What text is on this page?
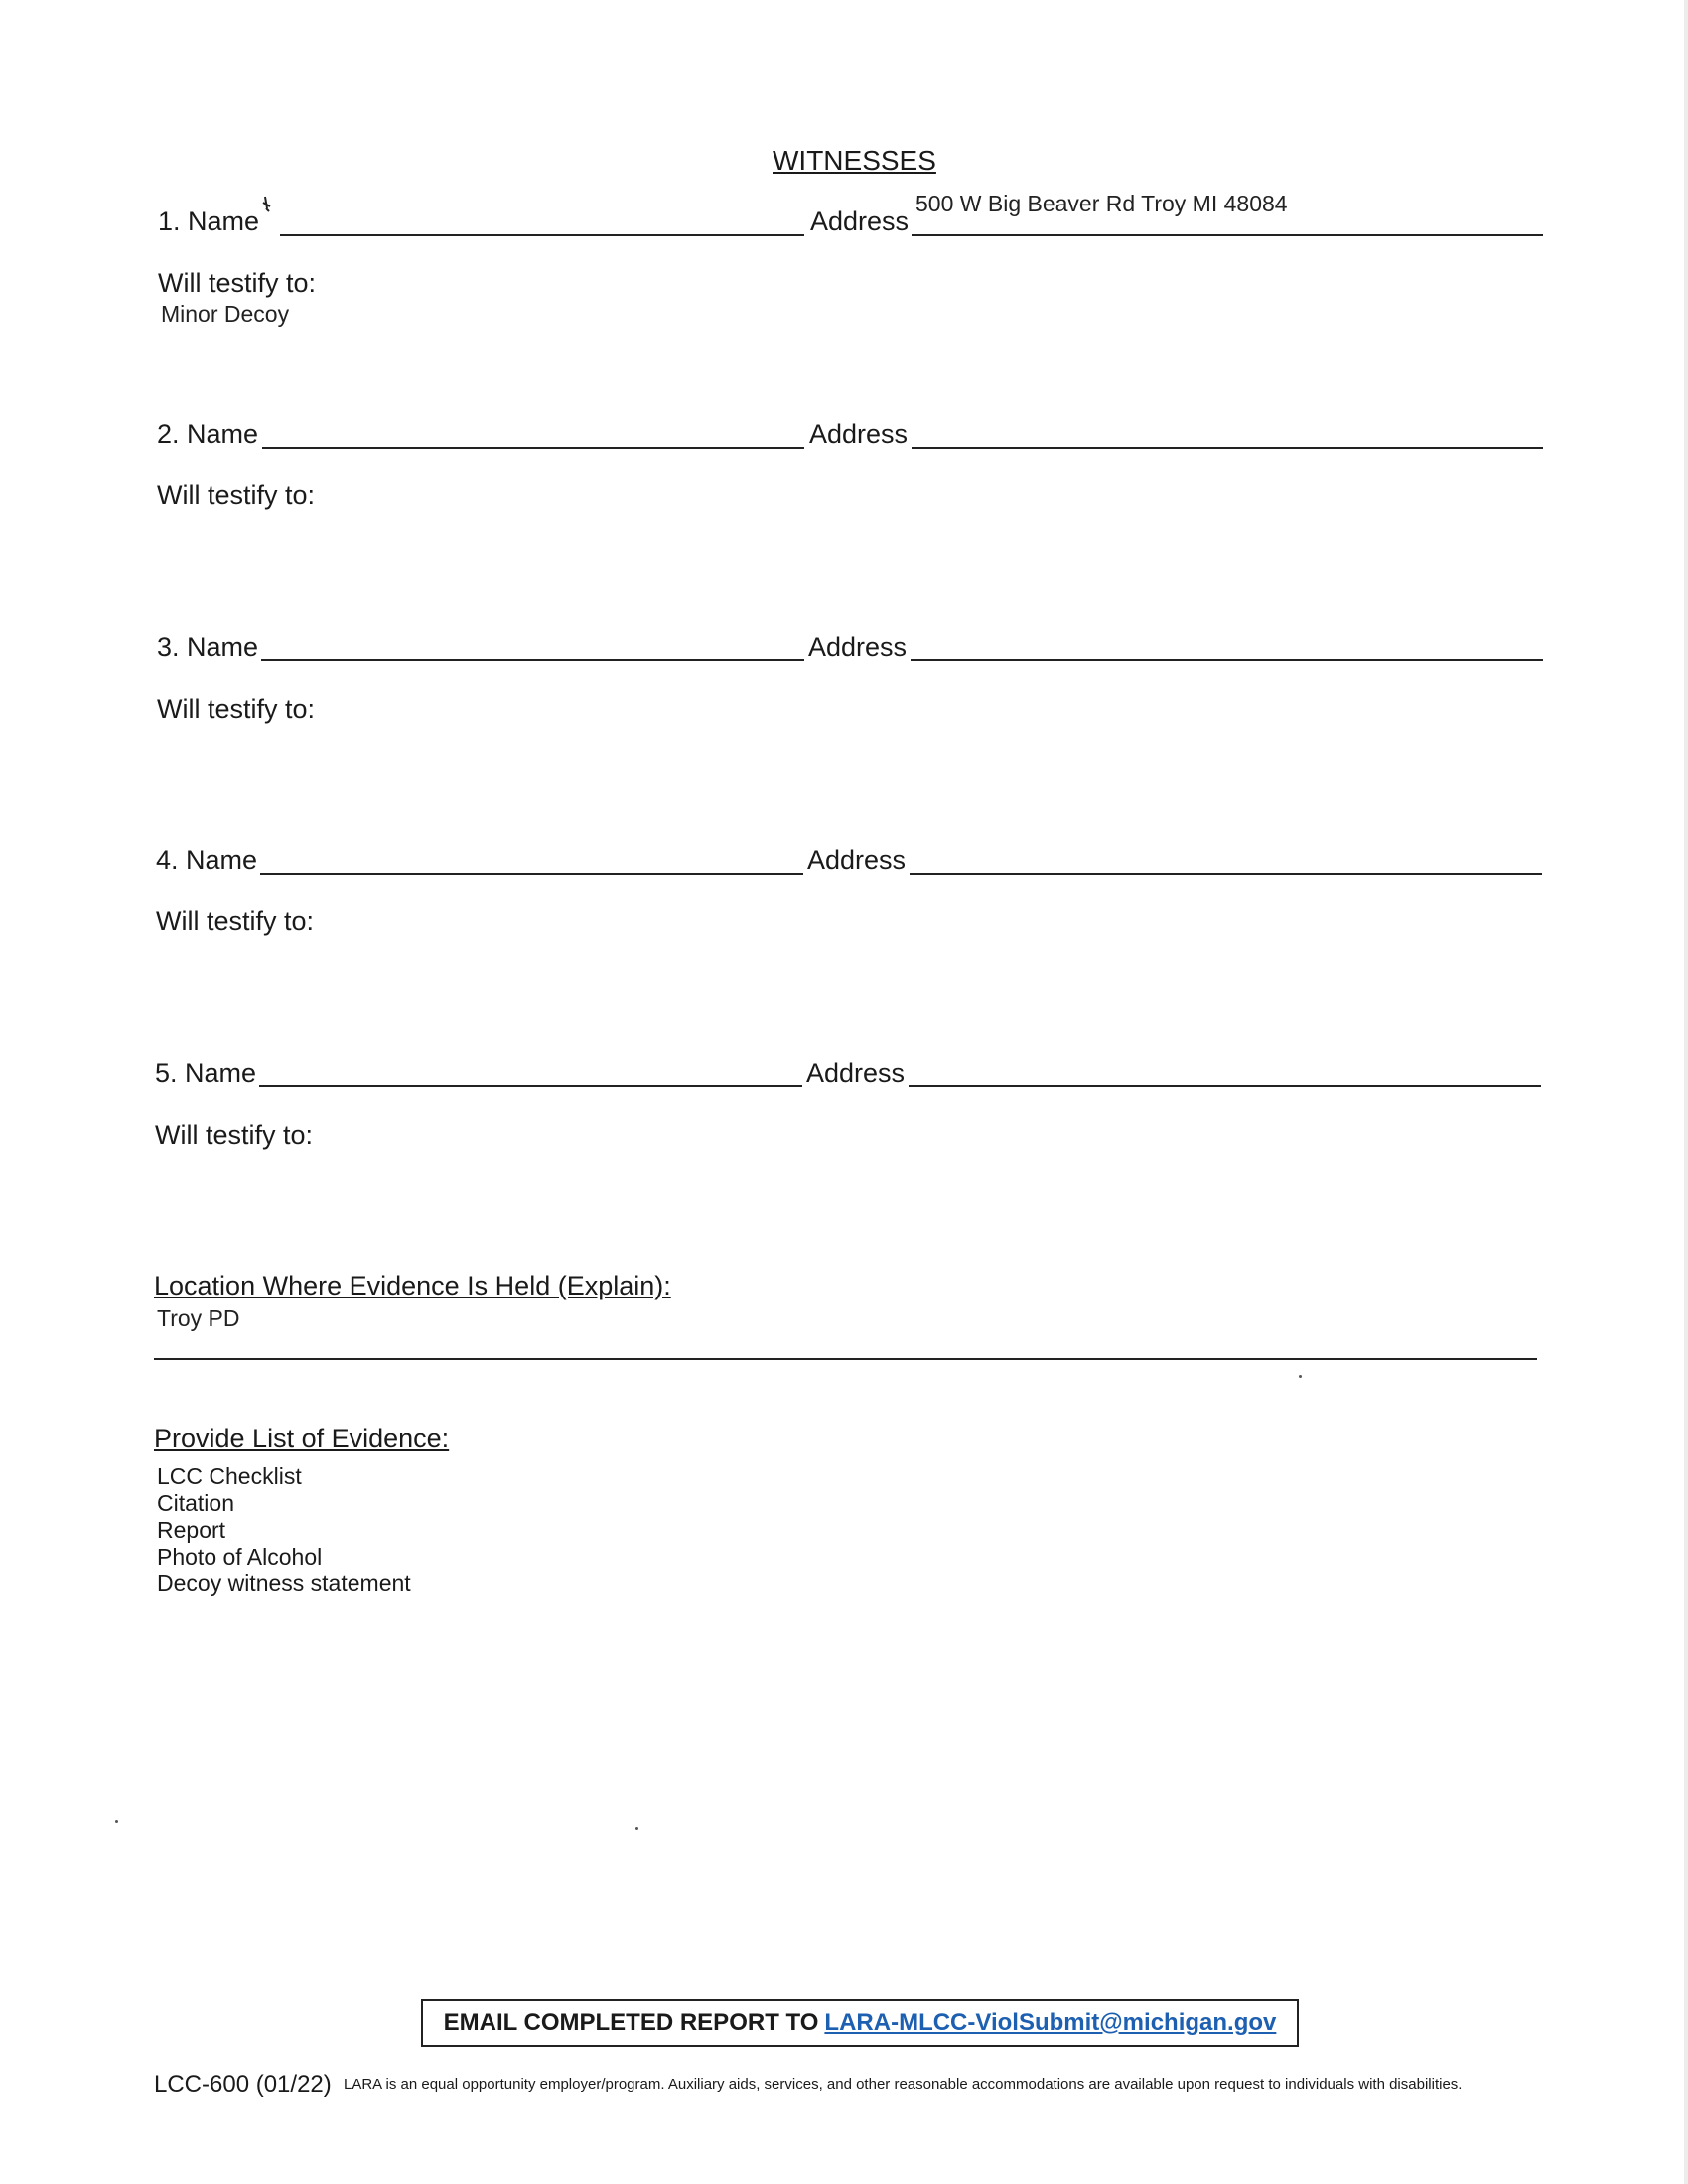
WITNESSES
1. Name	Address
500 W Big Beaver Rd Troy MI 48084
Will testify to:
Minor Decoy
2. Name	Address
Will testify to:
3. Name	Address
Will testify to:
4. Name	Address
Will testify to:
5. Name	Address
Will testify to:
Location Where Evidence Is Held (Explain):
Troy PD
Provide List of Evidence:
LCC Checklist
Citation
Report
Photo of Alcohol
Decoy witness statement
EMAIL COMPLETED REPORT TO LARA-MLCC-ViolSubmit@michigan.gov
LCC-600 (01/22) LARA is an equal opportunity employer/program. Auxiliary aids, services, and other reasonable accommodations are available upon request to individuals with disabilities.
